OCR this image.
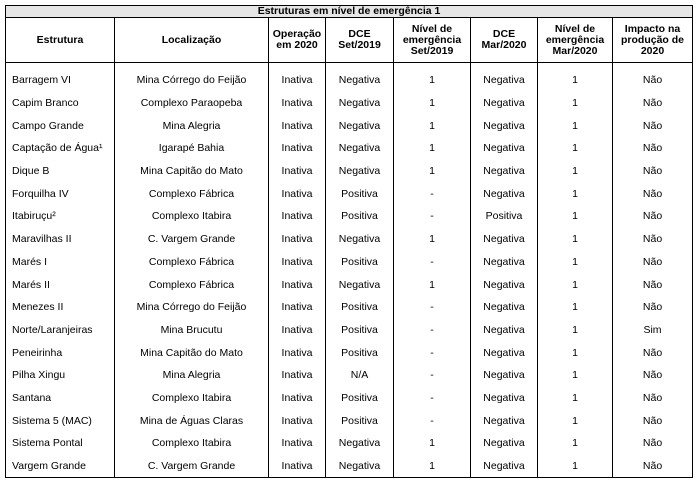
Estruturas em nível de emergência 1							
Estrutura	Localização	Operação em 2020	DCE Set/2019	Nível de emergência Set/2019	DCE Mar/2020	Nível de emergência Mar/2020	Impacto na produção de 2020

Barragem VI	Mina Córrego do Feijão	Inativa	Negativa	1	Negativa	1	Não
Capim Branco	Complexo Paraopeba	Inativa	Negativa	1	Negativa	1	Não
Campo Grande	Mina Alegria	Inativa	Negativa	1	Negativa	1	Não
Captação de Água¹	Igarapé Bahia	Inativa	Negativa	1	Negativa	1	Não
Dique B	Mina Capitão do Mato	Inativa	Negativa	1	Negativa	1	Não
Forquilha IV	Complexo Fábrica	Inativa	Positiva	-	Negativa	1	Não
Itabiruçu²	Complexo Itabira	Inativa	Positiva	-	Positiva	1	Não
Maravilhas II	C. Vargem Grande	Inativa	Negativa	1	Negativa	1	Não
Marés I	Complexo Fábrica	Inativa	Positiva	-	Negativa	1	Não
Marés II	Complexo Fábrica	Inativa	Negativa	1	Negativa	1	Não
Menezes II	Mina Córrego do Feijão	Inativa	Positiva	-	Negativa	1	Não
Norte/Laranjeiras	Mina Brucutu	Inativa	Positiva	-	Negativa	1	Sim
Peneirinha	Mina Capitão do Mato	Inativa	Positiva	-	Negativa	1	Não
Pilha Xingu	Mina Alegria	Inativa	N/A	-	Negativa	1	Não
Santana	Complexo Itabira	Inativa	Positiva	-	Negativa	1	Não
Sistema 5 (MAC)	Mina de Águas Claras	Inativa	Positiva	-	Negativa	1	Não
Sistema Pontal	Complexo Itabira	Inativa	Negativa	1	Negativa	1	Não
Vargem Grande	C. Vargem Grande	Inativa	Negativa	1	Negativa	1	Não
